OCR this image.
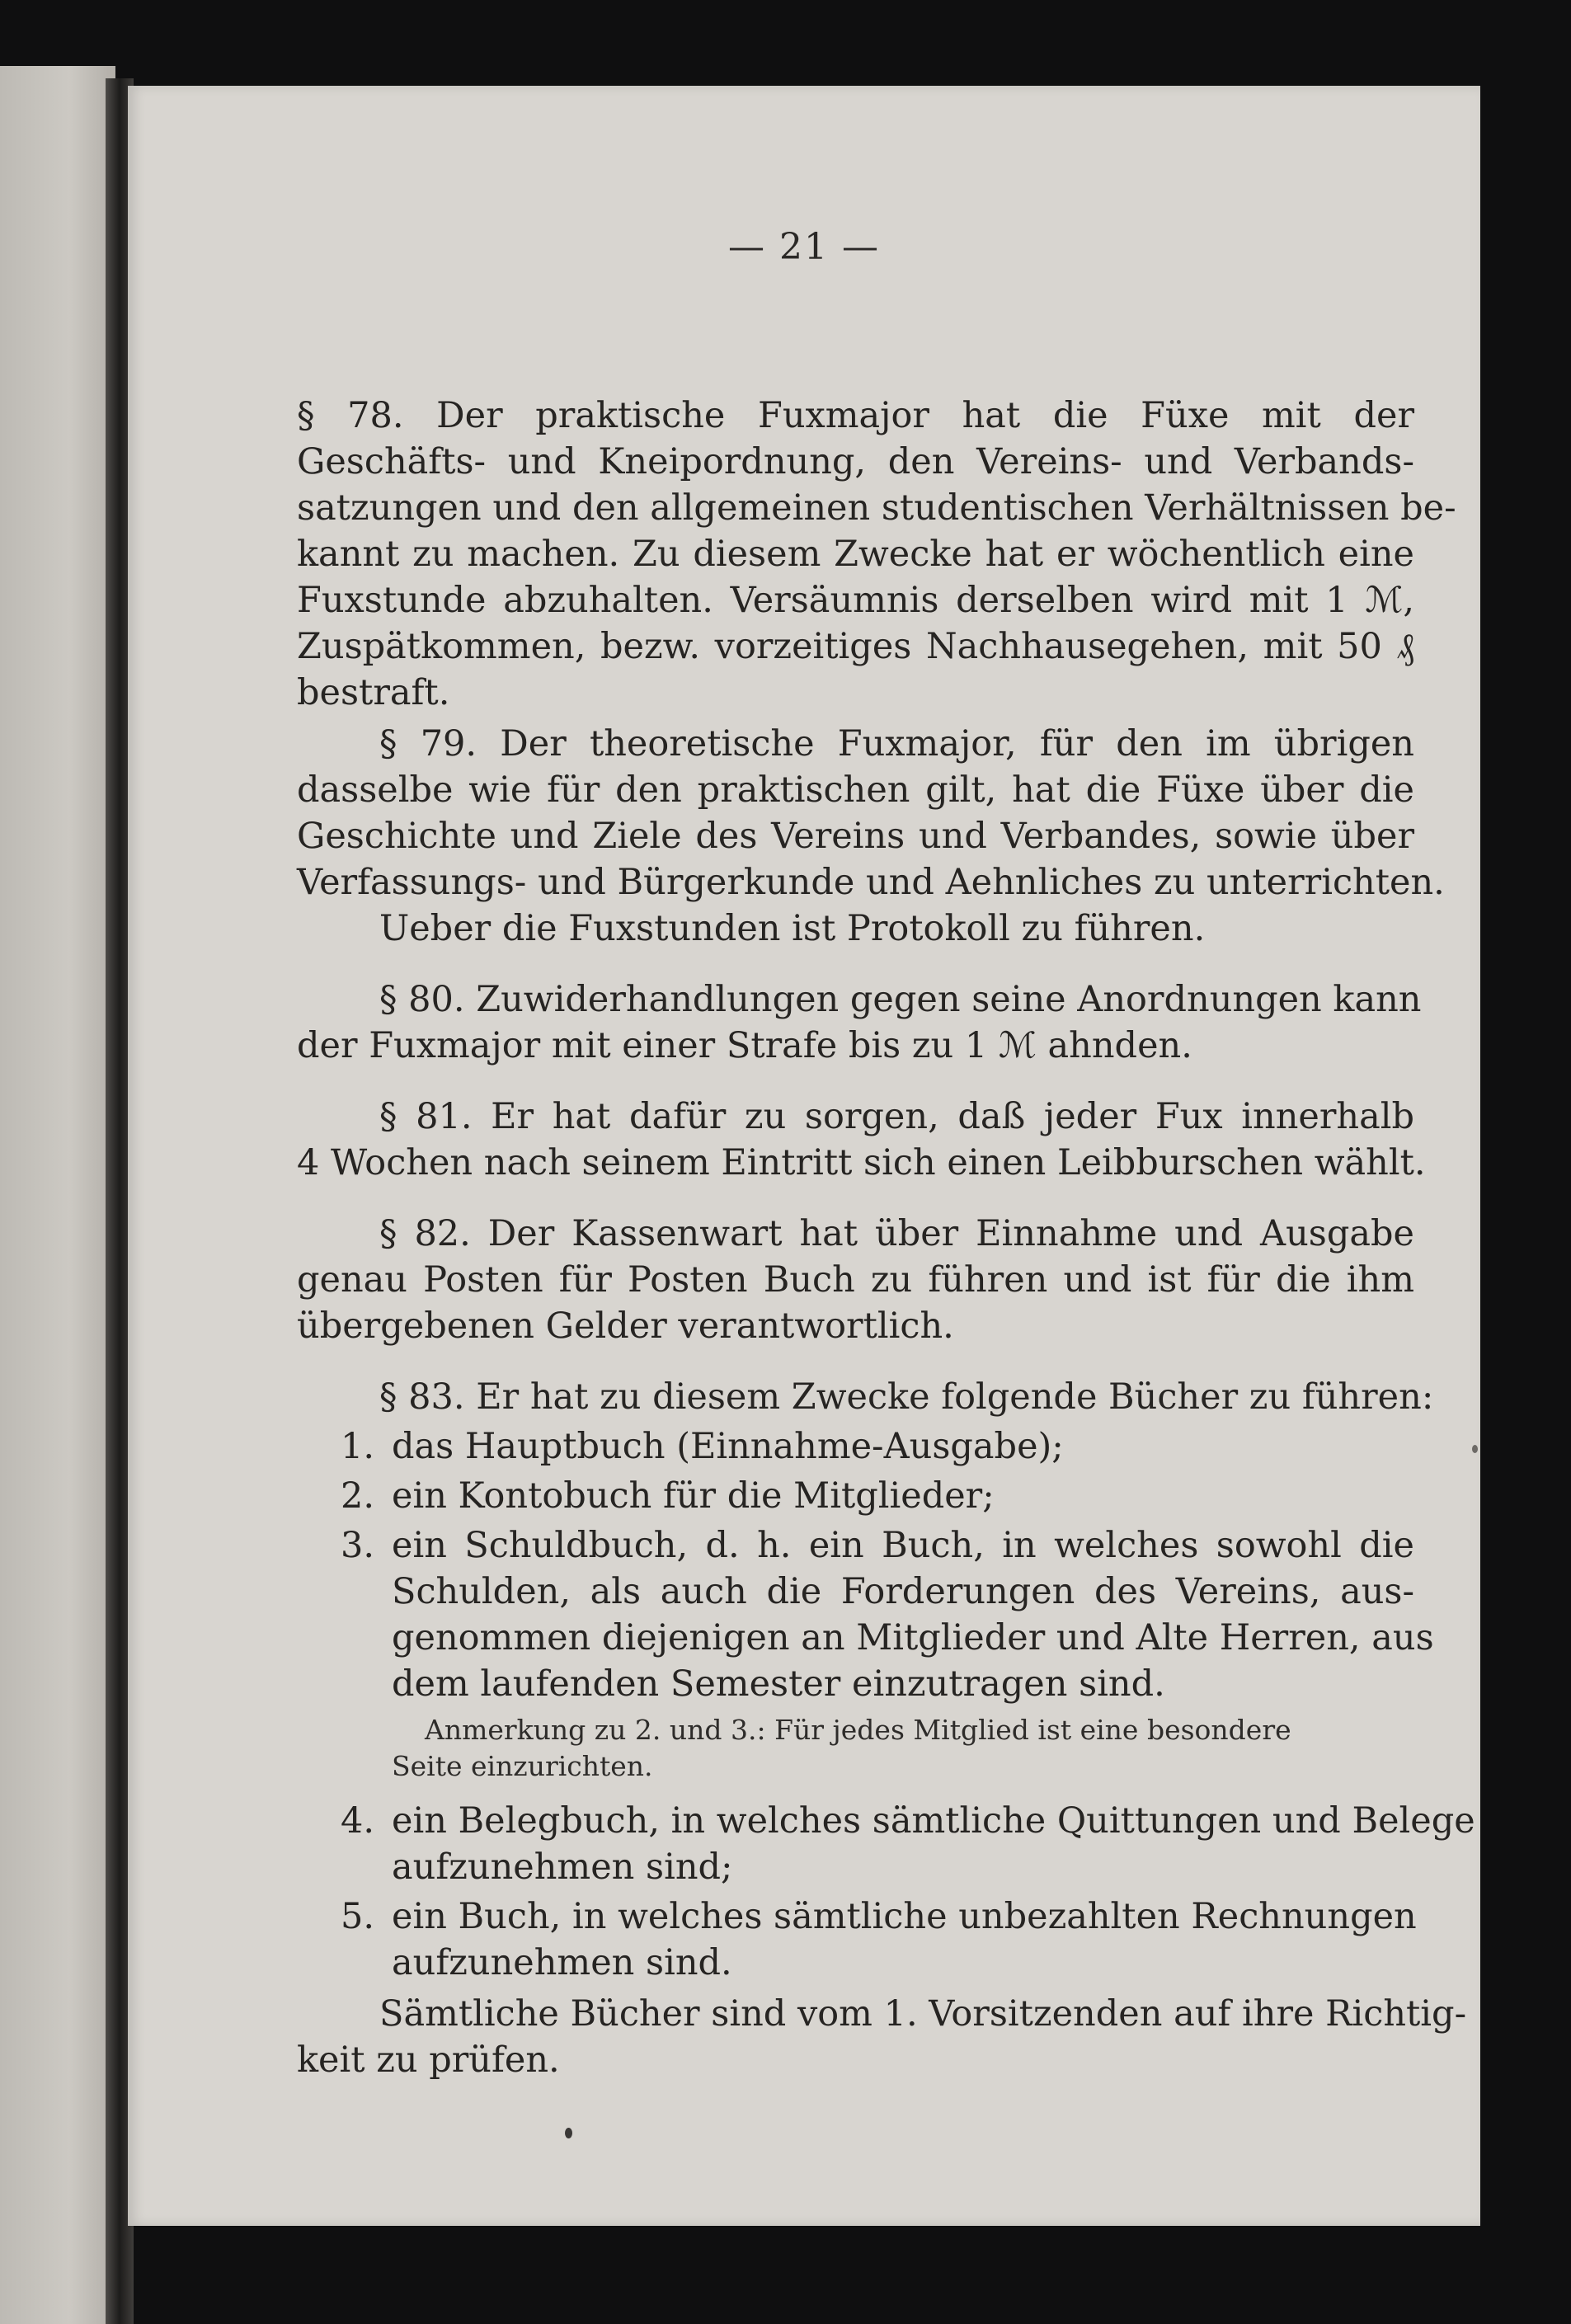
— 21 —
§ 78. Der praktische Fuxmajor hat die Füxe mit der
Geschäfts- und Kneipordnung, den Vereins- und Verbands-
satzungen und den allgemeinen studentischen Verhältnissen be-
kannt zu machen. Zu diesem Zwecke hat er wöchentlich eine
Fuxstunde abzuhalten. Versäumnis derselben wird mit 1 ℳ,
Zuspätkommen, bezw. vorzeitiges Nachhausegehen, mit 50 ₰
bestraft.
§ 79. Der theoretische Fuxmajor, für den im übrigen
dasselbe wie für den praktischen gilt, hat die Füxe über die
Geschichte und Ziele des Vereins und Verbandes, sowie über
Verfassungs- und Bürgerkunde und Aehnliches zu unterrichten.
Ueber die Fuxstunden ist Protokoll zu führen.
§ 80. Zuwiderhandlungen gegen seine Anordnungen kann
der Fuxmajor mit einer Strafe bis zu 1 ℳ ahnden.
§ 81. Er hat dafür zu sorgen, daß jeder Fux innerhalb
4 Wochen nach seinem Eintritt sich einen Leibburschen wählt.
§ 82. Der Kassenwart hat über Einnahme und Ausgabe
genau Posten für Posten Buch zu führen und ist für die ihm
übergebenen Gelder verantwortlich.
§ 83. Er hat zu diesem Zwecke folgende Bücher zu führen:
1. das Hauptbuch (Einnahme-Ausgabe);
2. ein Kontobuch für die Mitglieder;
3. ein Schuldbuch, d. h. ein Buch, in welches sowohl die
Schulden, als auch die Forderungen des Vereins, aus-
genommen diejenigen an Mitglieder und Alte Herren, aus
dem laufenden Semester einzutragen sind.
Anmerkung zu 2. und 3.: Für jedes Mitglied ist eine besondere
Seite einzurichten.
4. ein Belegbuch, in welches sämtliche Quittungen und Belege
aufzunehmen sind;
5. ein Buch, in welches sämtliche unbezahlten Rechnungen
aufzunehmen sind.
Sämtliche Bücher sind vom 1. Vorsitzenden auf ihre Richtig-
keit zu prüfen.
